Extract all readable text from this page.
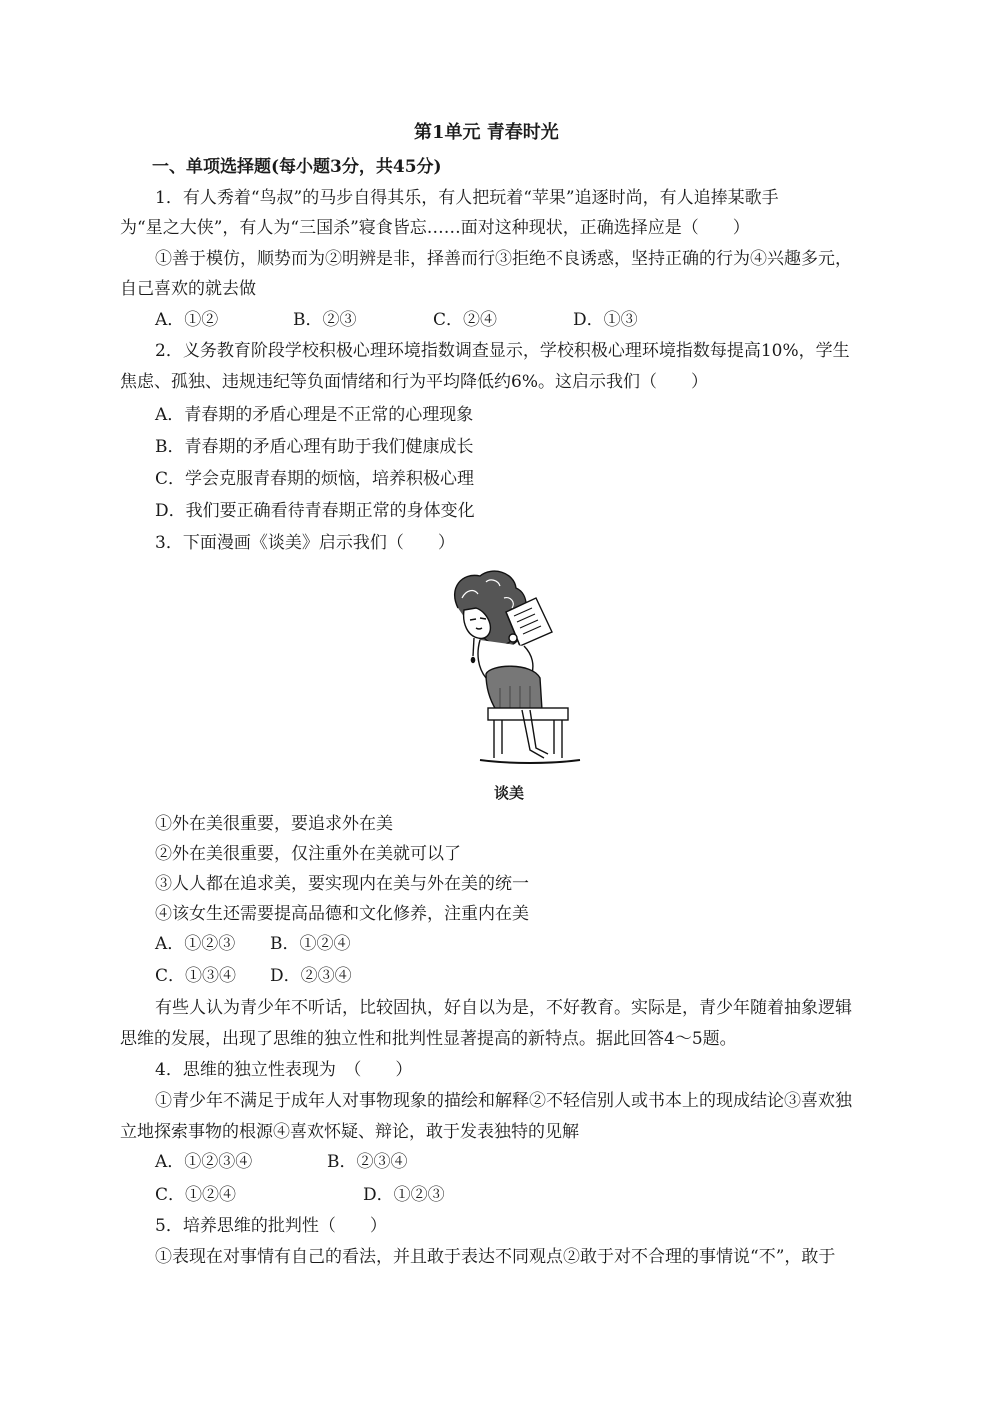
第1单元 青春时光
一、单项选择题(每小题3分，共45分)
1．有人秀着“鸟叔”的马步自得其乐，有人把玩着“苹果”追逐时尚，有人追捧某歌手
为“星之大侠”，有人为“三国杀”寝食皆忘……面对这种现状，正确选择应是（　　）
①善于模仿，顺势而为②明辨是非，择善而行③拒绝不良诱惑，坚持正确的行为④兴趣多元，
自己喜欢的就去做
A．①②	B．②③	C．②④	D．①③
2．义务教育阶段学校积极心理环境指数调查显示，学校积极心理环境指数每提高10%，学生
焦虑、孤独、违规违纪等负面情绪和行为平均降低约6%。这启示我们（　　）
A．青春期的矛盾心理是不正常的心理现象
B．青春期的矛盾心理有助于我们健康成长
C．学会克服青春期的烦恼，培养积极心理
D．我们要正确看待青春期正常的身体变化
3．下面漫画《谈美》启示我们（　　）
谈美
①外在美很重要，要追求外在美
②外在美很重要，仅注重外在美就可以了
③人人都在追求美，要实现内在美与外在美的统一
④该女生还需要提高品德和文化修养，注重内在美
A．①②③ B．①②④
C．①③④ D．②③④
有些人认为青少年不听话，比较固执，好自以为是，不好教育。实际是，青少年随着抽象逻辑
思维的发展，出现了思维的独立性和批判性显著提高的新特点。据此回答4～5题。
4．思维的独立性表现为　（　　）
①青少年不满足于成年人对事物现象的描绘和解释②不轻信别人或书本上的现成结论③喜欢独
立地探索事物的根源④喜欢怀疑、辩论，敢于发表独特的见解
A．①②③④	B．②③④
C．①②④	D．①②③
5．培养思维的批判性（　　）
①表现在对事情有自己的看法，并且敢于表达不同观点②敢于对不合理的事情说“不”，敢于
